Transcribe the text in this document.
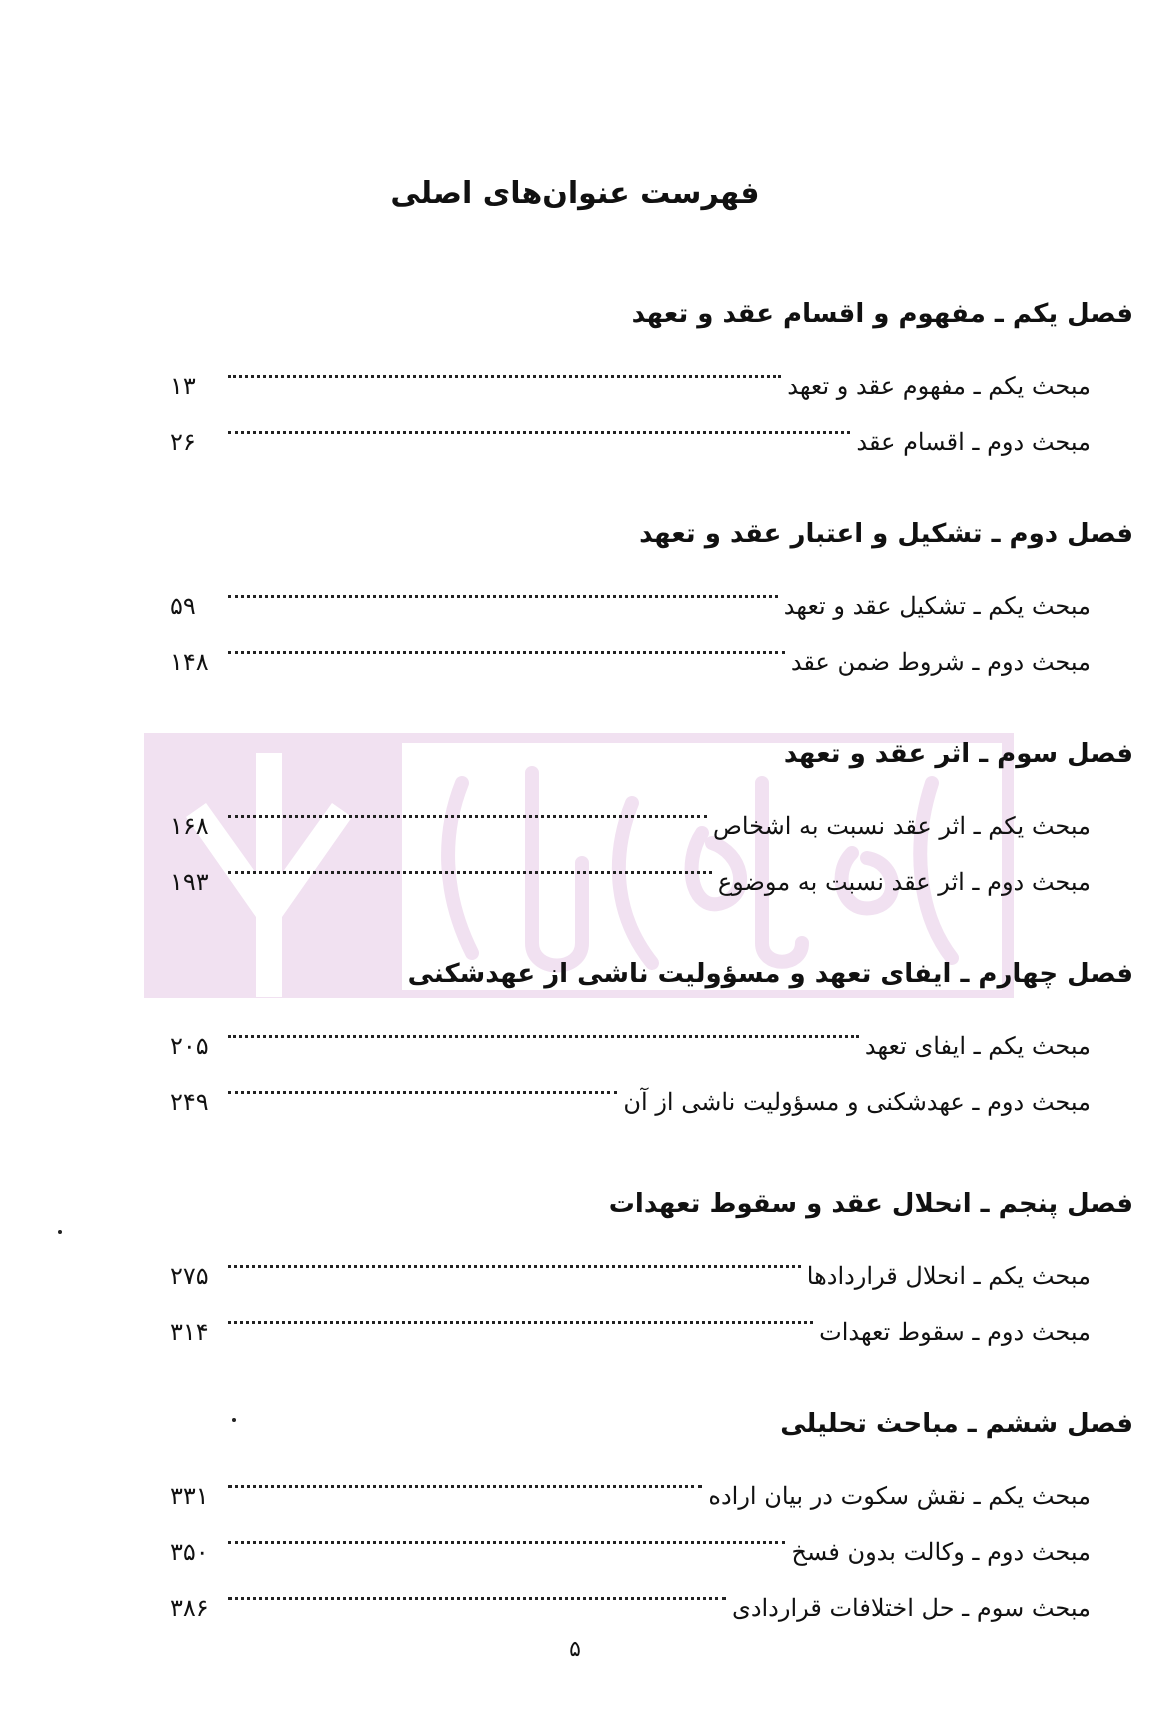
فهرست عنوان‌های اصلی
فصل یکم ـ مفهوم و اقسام عقد و تعهد
مبحث یکم ـ مفهوم عقد و تعهد
۱۳
مبحث دوم ـ اقسام عقد
۲۶
فصل دوم ـ تشکیل و اعتبار عقد و تعهد
مبحث یکم ـ تشکیل عقد و تعهد
۵۹
مبحث دوم ـ شروط ضمن عقد
۱۴۸
فصل سوم ـ اثر عقد و تعهد
مبحث یکم ـ اثر عقد نسبت به اشخاص
۱۶۸
مبحث دوم ـ اثر عقد نسبت به موضوع
۱۹۳
فصل چهارم ـ ایفای تعهد و مسؤولیت ناشی از عهدشکنی
مبحث یکم ـ ایفای تعهد
۲۰۵
مبحث دوم ـ عهدشکنی و مسؤولیت ناشی از آن
۲۴۹
فصل پنجم ـ انحلال عقد و سقوط تعهدات
مبحث یکم ـ انحلال قراردادها
۲۷۵
مبحث دوم ـ سقوط تعهدات
۳۱۴
فصل ششم ـ مباحث تحلیلی
مبحث یکم ـ نقش سکوت در بیان اراده
۳۳۱
مبحث دوم ـ وکالت بدون فسخ
۳۵۰
مبحث سوم ـ حل اختلافات قراردادی
۳۸۶
۵
